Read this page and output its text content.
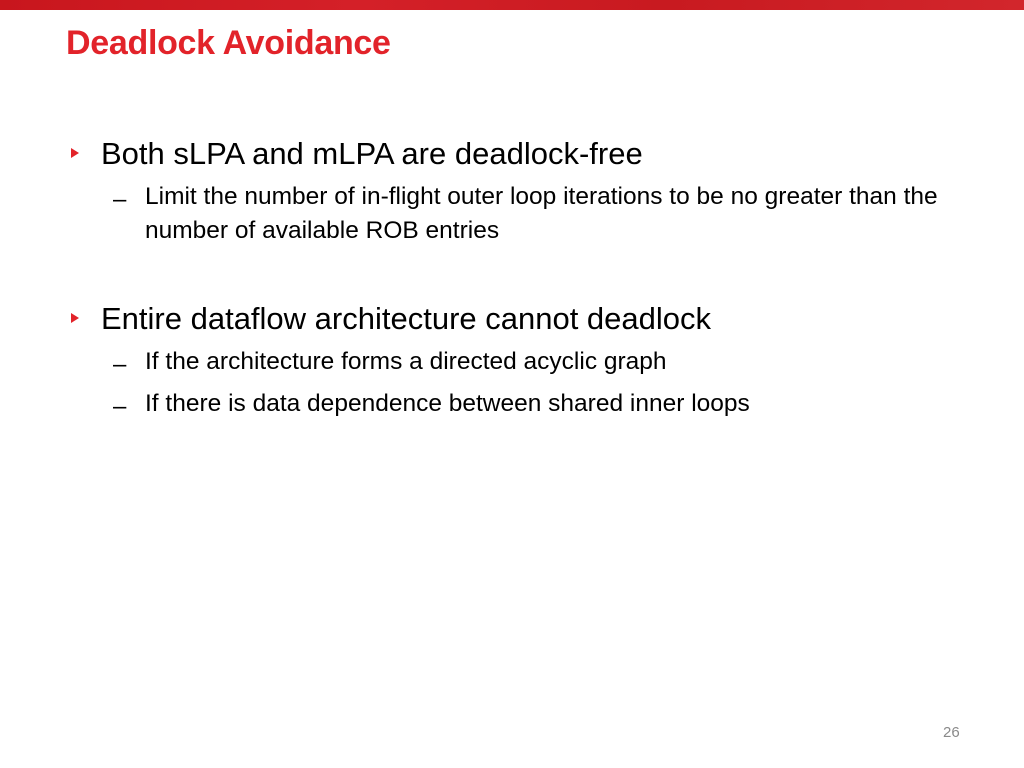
Deadlock Avoidance
Both sLPA and mLPA are deadlock-free
– Limit the number of in-flight outer loop iterations to be no greater than the number of available ROB entries
Entire dataflow architecture cannot deadlock
– If the architecture forms a directed acyclic graph
– If there is data dependence between shared inner loops
26
